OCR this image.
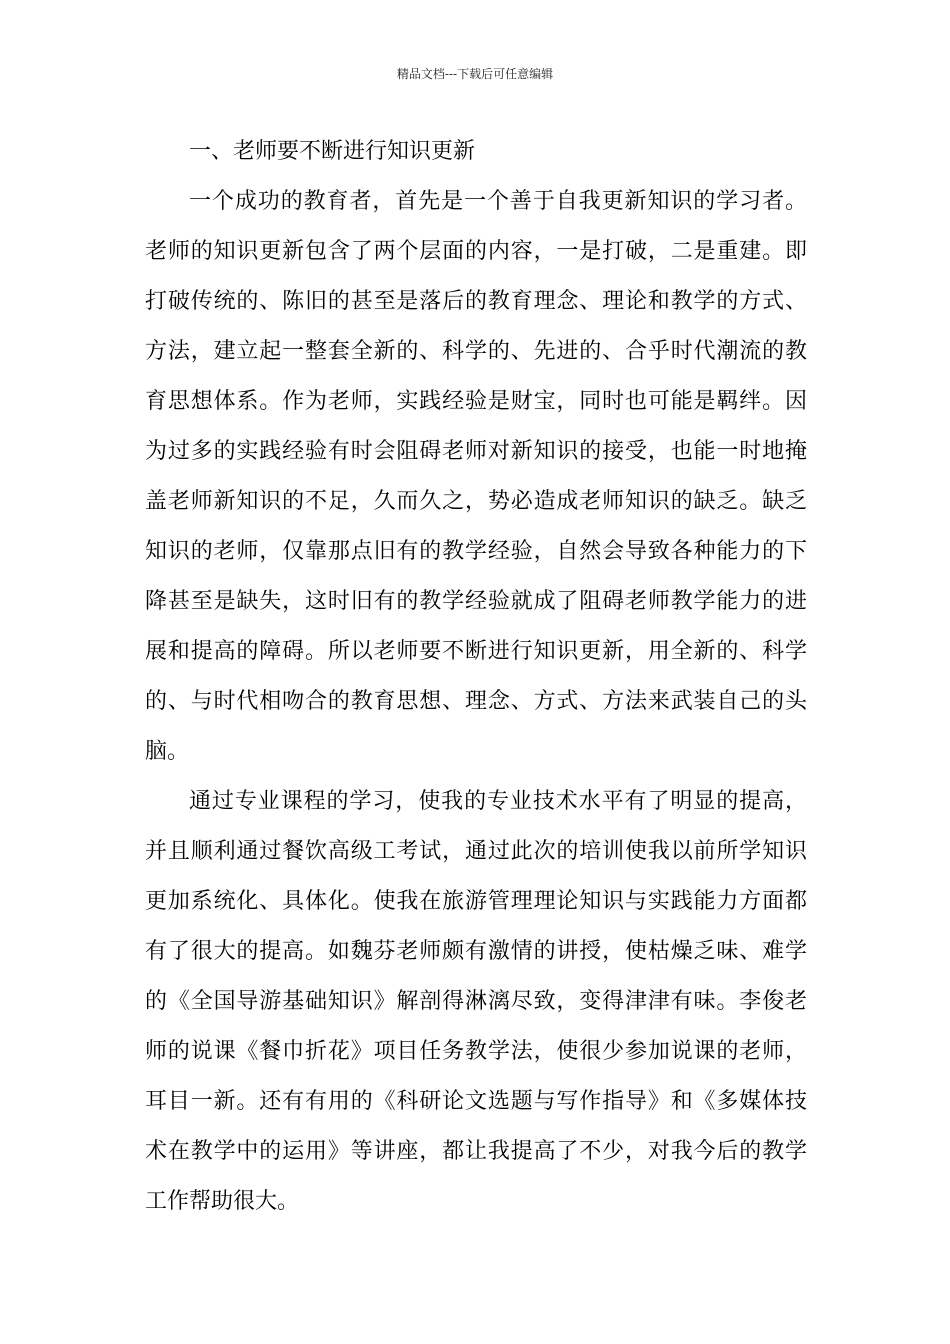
精品文档---下载后可任意编辑
一、老师要不断进行知识更新
一个成功的教育者，首先是一个善于自我更新知识的学习者。
老师的知识更新包含了两个层面的内容，一是打破，二是重建。即
打破传统的、陈旧的甚至是落后的教育理念、理论和教学的方式、
方法，建立起一整套全新的、科学的、先进的、合乎时代潮流的教
育思想体系。作为老师，实践经验是财宝，同时也可能是羁绊。因
为过多的实践经验有时会阻碍老师对新知识的接受，也能一时地掩
盖老师新知识的不足，久而久之，势必造成老师知识的缺乏。缺乏
知识的老师，仅靠那点旧有的教学经验，自然会导致各种能力的下
降甚至是缺失，这时旧有的教学经验就成了阻碍老师教学能力的进
展和提高的障碍。所以老师要不断进行知识更新，用全新的、科学
的、与时代相吻合的教育思想、理念、方式、方法来武装自己的头
脑。
通过专业课程的学习，使我的专业技术水平有了明显的提高，
并且顺利通过餐饮高级工考试，通过此次的培训使我以前所学知识
更加系统化、具体化。使我在旅游管理理论知识与实践能力方面都
有了很大的提高。如魏芬老师颇有激情的讲授，使枯燥乏味、难学
的《全国导游基础知识》解剖得淋漓尽致，变得津津有味。李俊老
师的说课《餐巾折花》项目任务教学法，使很少参加说课的老师，
耳目一新。还有有用的《科研论文选题与写作指导》和《多媒体技
术在教学中的运用》等讲座，都让我提高了不少，对我今后的教学
工作帮助很大。
